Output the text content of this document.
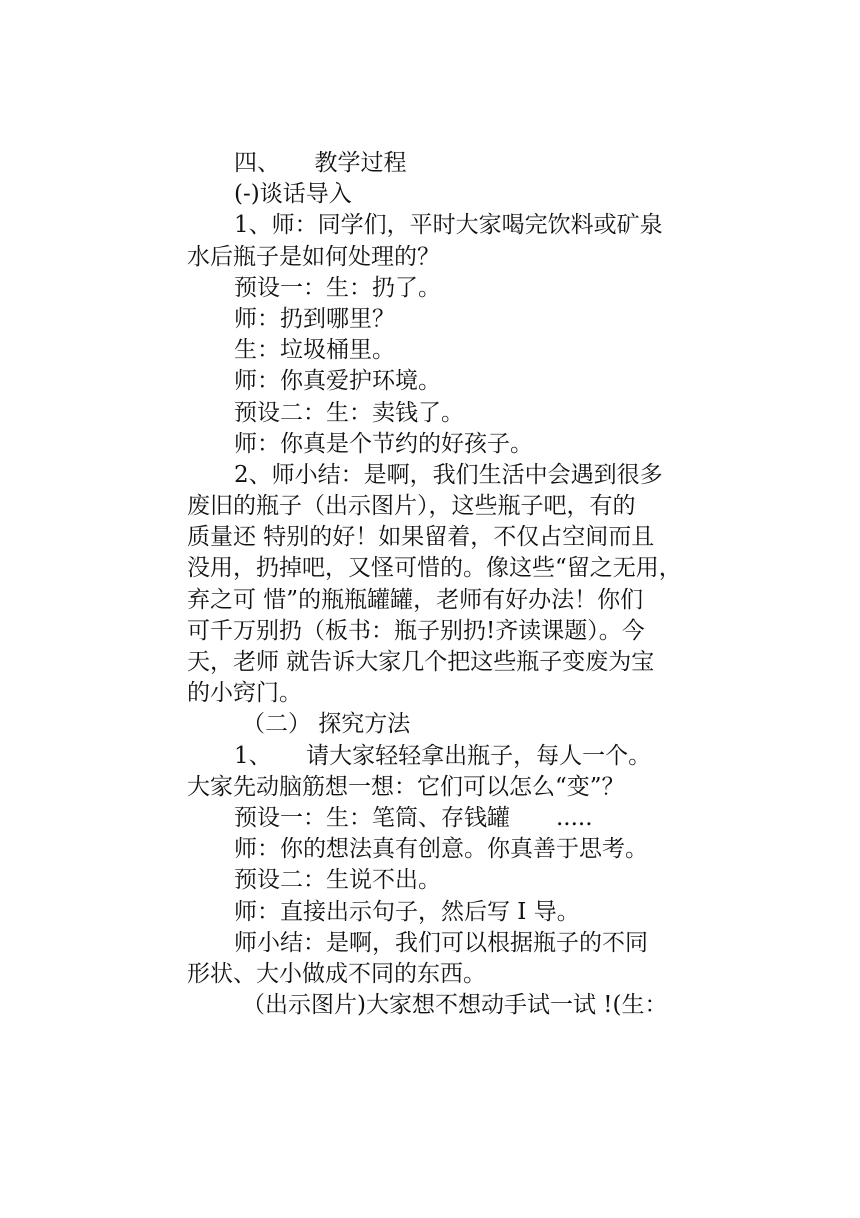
四、　　教学过程
(-)谈话导入
1、师：同学们，平时大家喝完饮料或矿泉
水后瓶子是如何处理的？
预设一：生：扔了。
师：扔到哪里？
生：垃圾桶里。
师：你真爱护环境。
预设二：生：卖钱了。
师：你真是个节约的好孩子。
2、师小结：是啊，我们生活中会遇到很多
废旧的瓶子（出示图片），这些瓶子吧，有的
质量还 特别的好！如果留着，不仅占空间而且
没用，扔掉吧，又怪可惜的。像这些“留之无用，
弃之可 惜”的瓶瓶罐罐，老师有好办法！你们
可千万别扔（板书：瓶子别扔!齐读课题）。今
天，老师 就告诉大家几个把这些瓶子变废为宝
的小窍门。
（二） 探究方法
1、　　请大家轻轻拿出瓶子，每人一个。
大家先动脑筋想一想：它们可以怎么“变”？
预设一：生：笔筒、存钱罐　　.....
师：你的想法真有创意。你真善于思考。
预设二：生说不出。
师：直接出示句子，然后写 I 导。
师小结：是啊，我们可以根据瓶子的不同
形状、大小做成不同的东西。
（出示图片)大家想不想动手试一试 !(生：
